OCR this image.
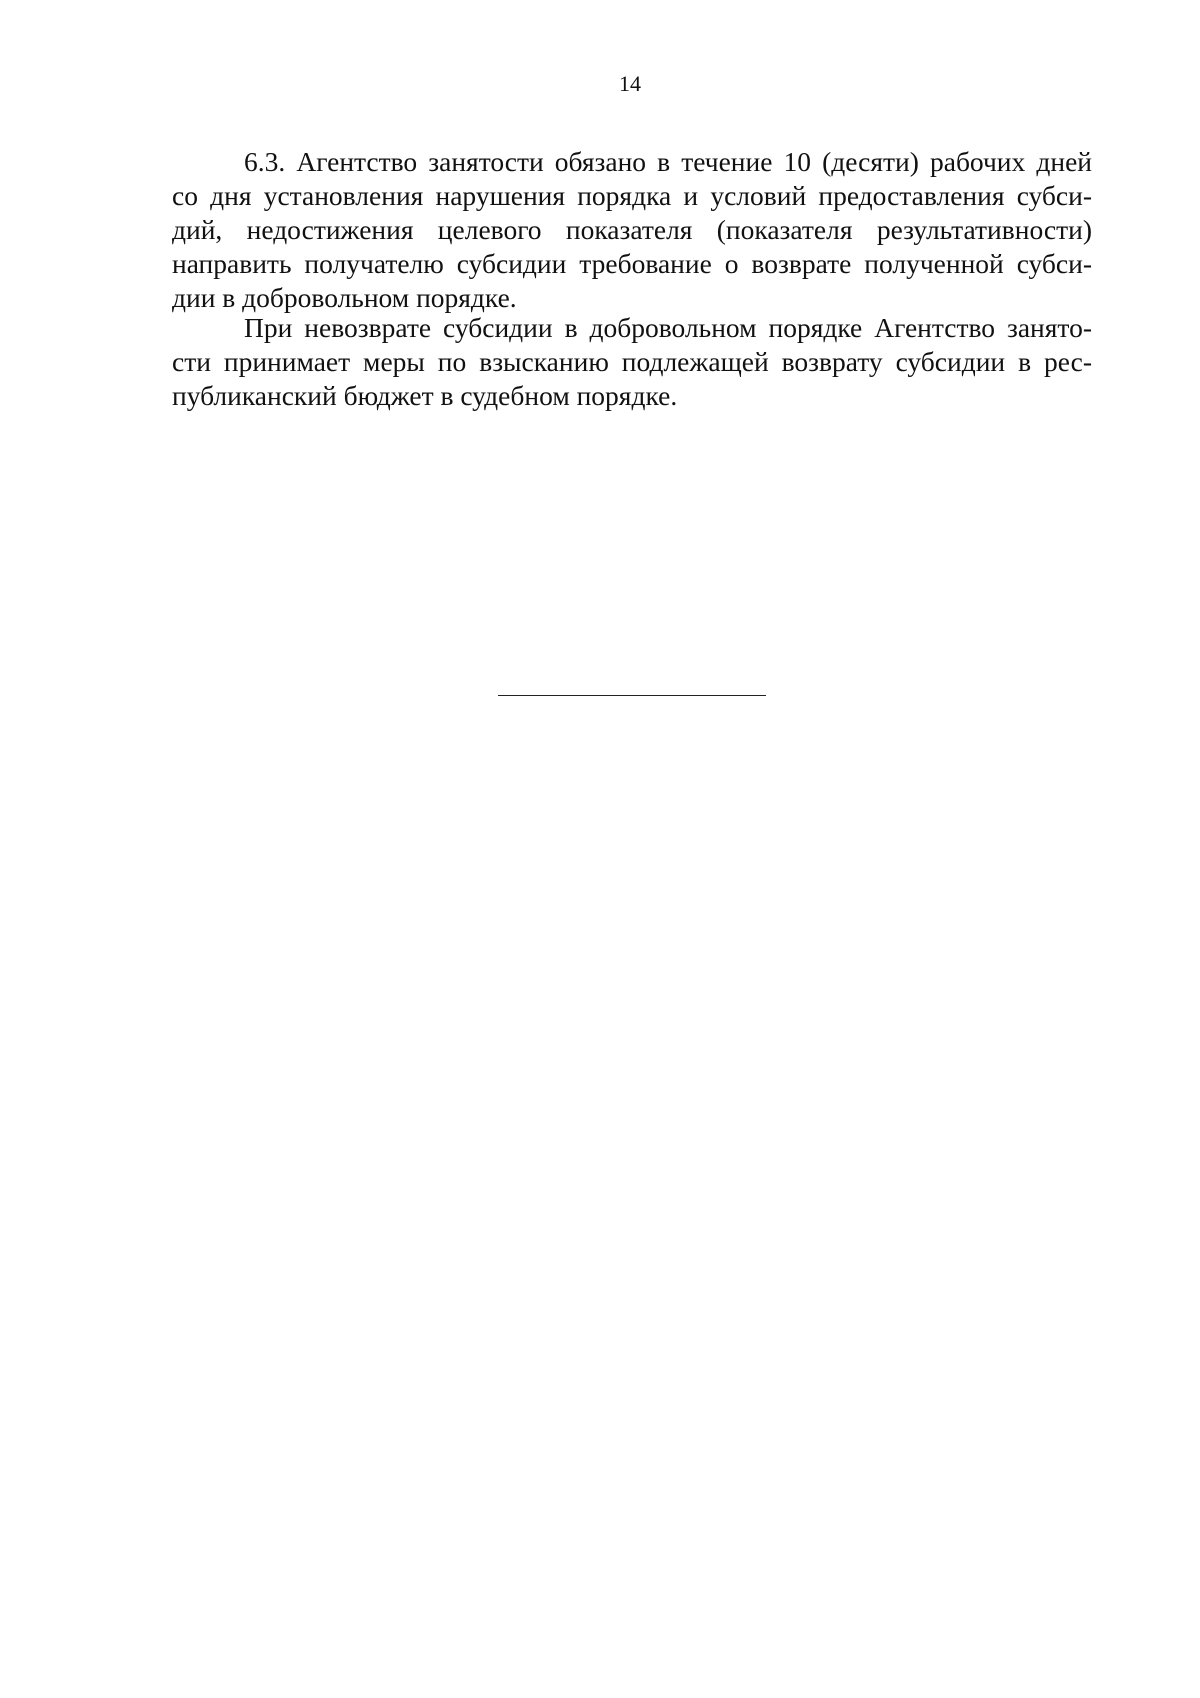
14
6.3. Агентство занятости обязано в течение 10 (десяти) рабочих дней
со дня установления нарушения порядка и условий предоставления субси-
дий, недостижения целевого показателя (показателя результативности)
направить получателю субсидии требование о возврате полученной субси-
дии в добровольном порядке.
При невозврате субсидии в добровольном порядке Агентство занято-
сти принимает меры по взысканию подлежащей возврату субсидии в рес-
публиканский бюджет в судебном порядке.
